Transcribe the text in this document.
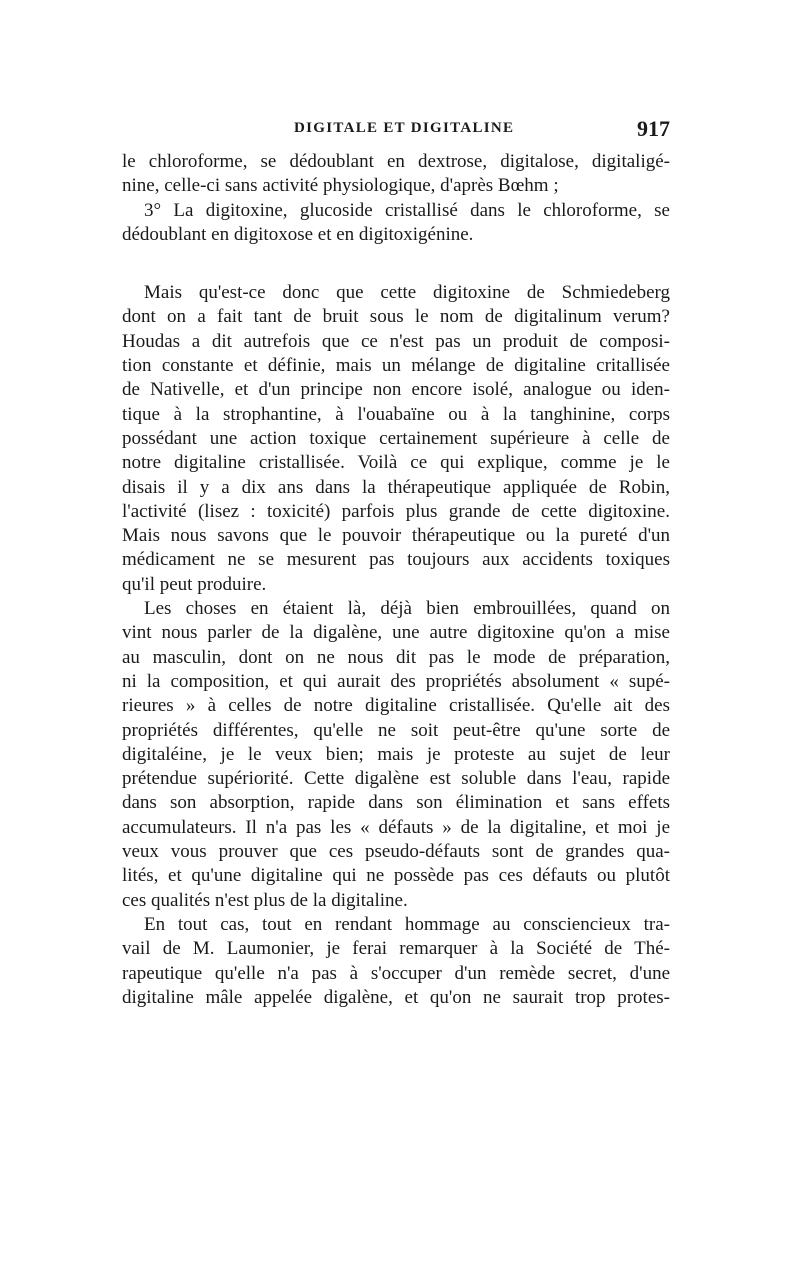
DIGITALE ET DIGITALINE	917

le chloroforme, se dédoublant en dextrose, digitalose, digitaligé-
nine, celle-ci sans activité physiologique, d'après Bœhm ;

3° La digitoxine, glucoside cristallisé dans le chloroforme, se
dédoublant en digitoxose et en digitoxigénine.

Mais qu'est-ce donc que cette digitoxine de Schmiedeberg
dont on a fait tant de bruit sous le nom de digitalinum verum?
Houdas a dit autrefois que ce n'est pas un produit de composi-
tion constante et définie, mais un mélange de digitaline critallisée
de Nativelle, et d'un principe non encore isolé, analogue ou iden-
tique à la strophantine, à l'ouabaïne ou à la tanghinine, corps
possédant une action toxique certainement supérieure à celle de
notre digitaline cristallisée. Voilà ce qui explique, comme je le
disais il y a dix ans dans la thérapeutique appliquée de Robin,
l'activité (lisez : toxicité) parfois plus grande de cette digitoxine.
Mais nous savons que le pouvoir thérapeutique ou la pureté d'un
médicament ne se mesurent pas toujours aux accidents toxiques
qu'il peut produire.

Les choses en étaient là, déjà bien embrouillées, quand on
vint nous parler de la digalène, une autre digitoxine qu'on a mise
au masculin, dont on ne nous dit pas le mode de préparation,
ni la composition, et qui aurait des propriétés absolument « supé-
rieures » à celles de notre digitaline cristallisée. Qu'elle ait des
propriétés différentes, qu'elle ne soit peut-être qu'une sorte de
digitaléine, je le veux bien; mais je proteste au sujet de leur
prétendue supériorité. Cette digalène est soluble dans l'eau, rapide
dans son absorption, rapide dans son élimination et sans effets
accumulateurs. Il n'a pas les « défauts » de la digitaline, et moi je
veux vous prouver que ces pseudo-défauts sont de grandes qua-
lités, et qu'une digitaline qui ne possède pas ces défauts ou plutôt
ces qualités n'est plus de la digitaline.

En tout cas, tout en rendant hommage au consciencieux tra-
vail de M. Laumonier, je ferai remarquer à la Société de Thé-
rapeutique qu'elle n'a pas à s'occuper d'un remède secret, d'une
digitaline mâle appelée digalène, et qu'on ne saurait trop protes-
